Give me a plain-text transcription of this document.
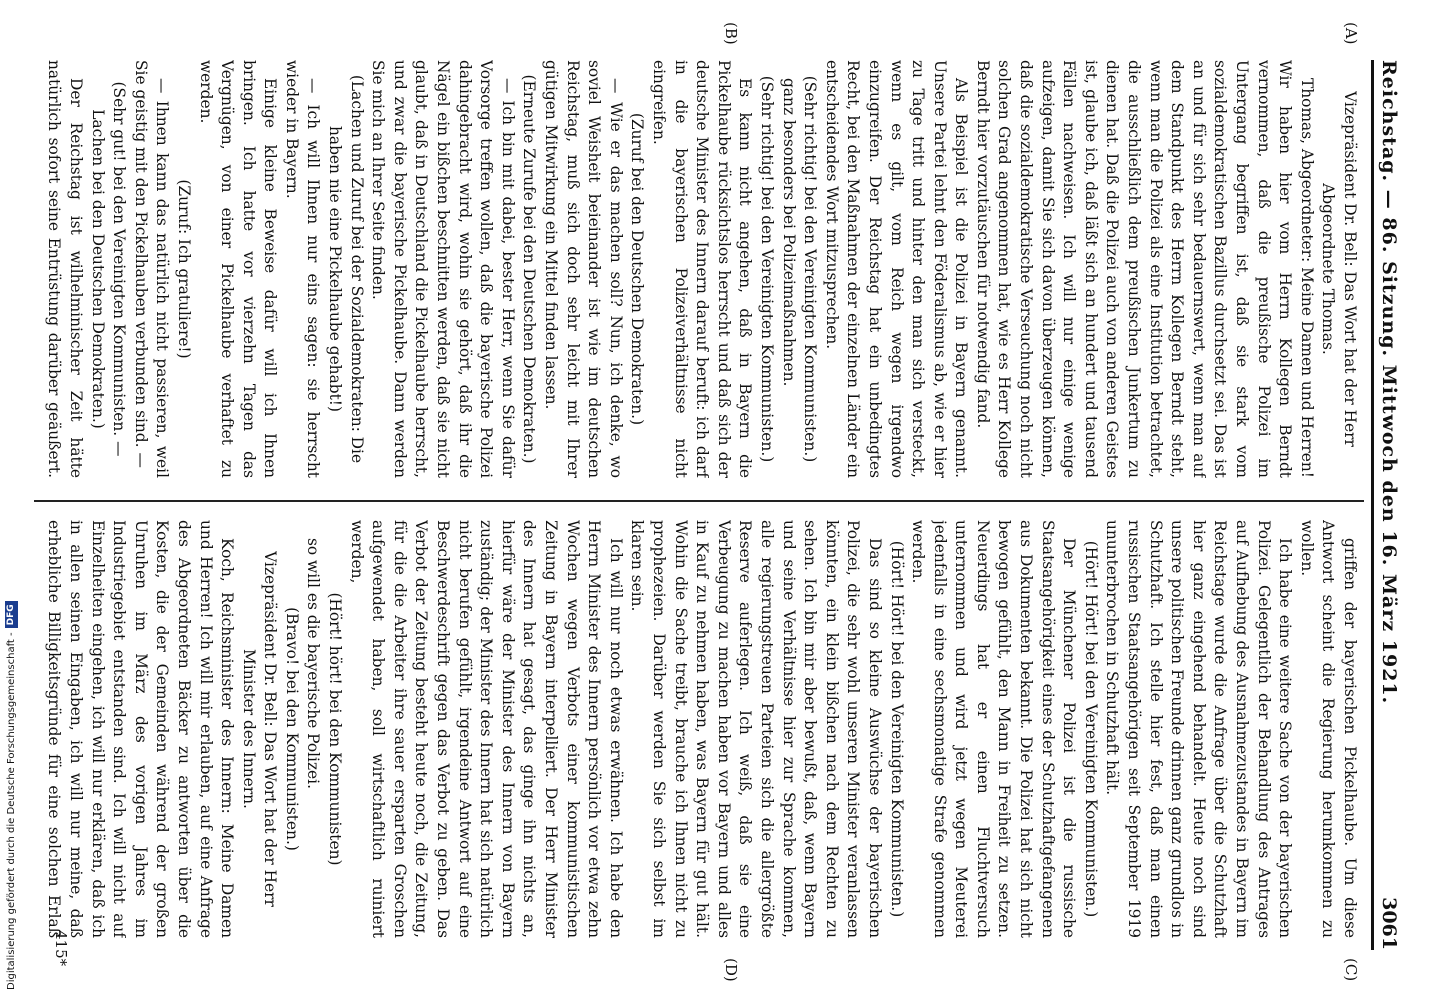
Reichstag. — 86. Sitzung. Mittwoch den 16. März 1921.
3061
(A)
(B)
(C)
(D)

Vizepräsident Dr. Bell: Das Wort hat der Herr Abgeordnete Thomas.

Thomas, Abgeordneter: Meine Damen und Herren! Wir haben hier vom Herrn Kollegen Berndt vernommen, daß die preußische Polizei im Untergang begriffen ist, daß sie stark vom sozialdemokratischen Bazillus durchsetzt sei. Das ist an und für sich sehr bedauernswert, wenn man auf dem Standpunkt des Herrn Kollegen Berndt steht, wenn man die Polizei als eine Institution betrachtet, die ausschließlich dem preußischen Junkertum zu dienen hat. Daß die Polizei auch von anderen Geistes ist, glaube ich, daß läßt sich an hundert und tausend Fällen nachweisen. Ich will nur einige wenige aufzeigen, damit Sie sich davon überzeugen können, daß die sozialdemokratische Verseuchung noch nicht solchen Grad angenommen hat, wie es Herr Kollege Berndt hier vorzutäuschen für notwendig fand.

Als Beispiel ist die Polizei in Bayern genannt. Unsere Partei lehnt den Föderalismus ab, wie er hier zu Tage tritt und hinter den man sich versteckt, wenn es gilt, vom Reich wegen irgendwo einzugreifen. Der Reichstag hat ein unbedingtes Recht, bei den Maßnahmen der einzelnen Länder ein entscheidendes Wort mitzusprechen.

(Sehr richtig! bei den Vereinigten Kommunisten.)

ganz besonders bei Polizeimaßnahmen.

(Sehr richtig! bei den Vereinigten Kommunisten.)

Es kann nicht angehen, daß in Bayern die Pickelhaube rücksichtslos herrscht und daß sich der deutsche Minister des Innern darauf beruft: ich darf in die bayerischen Polizeiverhältnisse nicht eingreifen.

(Zuruf bei den Deutschen Demokraten.)

— Wie er das machen soll? Nun, ich denke, wo soviel Weisheit beieinander ist wie im deutschen Reichstag, muß sich doch sehr leicht mit Ihrer gütigen Mitwirkung ein Mittel finden lassen.

(Erneute Zurufe bei den Deutschen Demokraten.)

— Ich bin mit dabei, bester Herr, wenn Sie dafür Vorsorge treffen wollen, daß die bayerische Polizei dahingebracht wird, wohin sie gehört, daß ihr die Nägel ein bißchen beschnitten werden, daß sie nicht glaubt, daß in Deutschland die Pickelhaube herrscht, und zwar die bayerische Pickelhaube. Dann werden Sie mich an Ihrer Seite finden.

(Lachen und Zuruf bei der Sozialdemokraten: Die haben nie eine Pickelhaube gehabt!)

— Ich will Ihnen nur eins sagen: sie herrscht wieder in Bayern.

Einige kleine Beweise dafür will ich Ihnen bringen. Ich hatte vor vierzehn Tagen das Vergnügen, von einer Pickelhaube verhaftet zu werden.

(Zuruf: Ich gratuliere!)

— Ihnen kann das natürlich nicht passieren, weil Sie geistig mit den Pickelhauben verbunden sind. —

(Sehr gut! bei den Vereinigten Kommunisten. — Lachen bei den Deutschen Demokraten.)

Der Reichstag ist wilhelminischer Zeit hätte natürlich sofort seine Entrüstung darüber geäußert.

griffen der bayerischen Pickelhaube. Um diese Antwort scheint die Regierung herumkommen zu wollen.

Ich habe eine weitere Sache von der bayerischen Polizei. Gelegentlich der Behandlung des Antrages auf Aufhebung des Ausnahmezustandes in Bayern im Reichstage wurde die Anfrage über die Schutzhaft hier ganz eingehend behandelt. Heute noch sind unsere politischen Freunde drinnen ganz grundlos in Schutzhaft. Ich stelle hier fest, daß man einen russischen Staatsangehörigen seit September 1919 ununterbrochen in Schutzhaft hält.

(Hört! Hört! bei den Vereinigten Kommunisten.)

Der Münchener Polizei ist die russische Staatsangehörigkeit eines der Schutzhaftgefangenen aus Dokumenten bekannt. Die Polizei hat sich nicht bewogen gefühlt, den Mann in Freiheit zu setzen. Neuerdings hat er einen Fluchtversuch unternommen und wird jetzt wegen Meuterei jedenfalls in eine sechsmonatige Strafe genommen werden.

(Hört! Hört! bei den Vereinigten Kommunisten.)

Das sind so kleine Auswüchse der bayerischen Polizei, die sehr wohl unseren Minister veranlassen könnten, ein klein bißchen nach dem Rechten zu sehen. Ich bin mir aber bewußt, daß, wenn Bayern und seine Verhältnisse hier zur Sprache kommen, alle regierungstreuen Parteien sich die allergrößte Reserve auferlegen. Ich weiß, daß sie eine Verbeugung zu machen haben vor Bayern und alles in Kauf zu nehmen haben, was Bayern für gut hält. Wohin die Sache treibt, brauche ich Ihnen nicht zu prophezeien. Darüber werden Sie sich selbst im klaren sein.

Ich will nur noch etwas erwähnen. Ich habe den Herrn Minister des Innern persönlich vor etwa zehn Wochen wegen Verbots einer kommunistischen Zeitung in Bayern interpelliert. Der Herr Minister des Innern hat gesagt, das ginge ihn nichts an, hierfür wäre der Minister des Innern von Bayern zuständig; der Minister des Innern hat sich natürlich nicht berufen gefühlt, irgendeine Antwort auf eine Beschwerdeschrift gegen das Verbot zu geben. Das Verbot der Zeitung besteht heute noch, die Zeitung, für die die Arbeiter ihre sauer ersparten Groschen aufgewendet haben, soll wirtschaftlich ruiniert werden,

(Hört! hört! bei den Kommunisten)

so will es die bayerische Polizei.

(Bravo! bei den Kommunisten.)

Vizepräsident Dr. Bell: Das Wort hat der Herr Minister des Innern.

Koch, Reichsminister des Innern: Meine Damen und Herren! Ich will mir erlauben, auf eine Anfrage des Abgeordneten Bäcker zu antworten über die Kosten, die der Gemeinden während der großen Unruhen im März des vorigen Jahres im Industriegebiet entstanden sind. Ich will nicht auf Einzelheiten eingehen, ich will nur erklären, daß ich in allen seinen Eingaben, ich will nur meine, daß erhebliche Billigkeitsgründe für eine solchen Erlaß

415*
Digitalisierung gefördert durch die Deutsche Forschungsgemeinschaft -DFG
